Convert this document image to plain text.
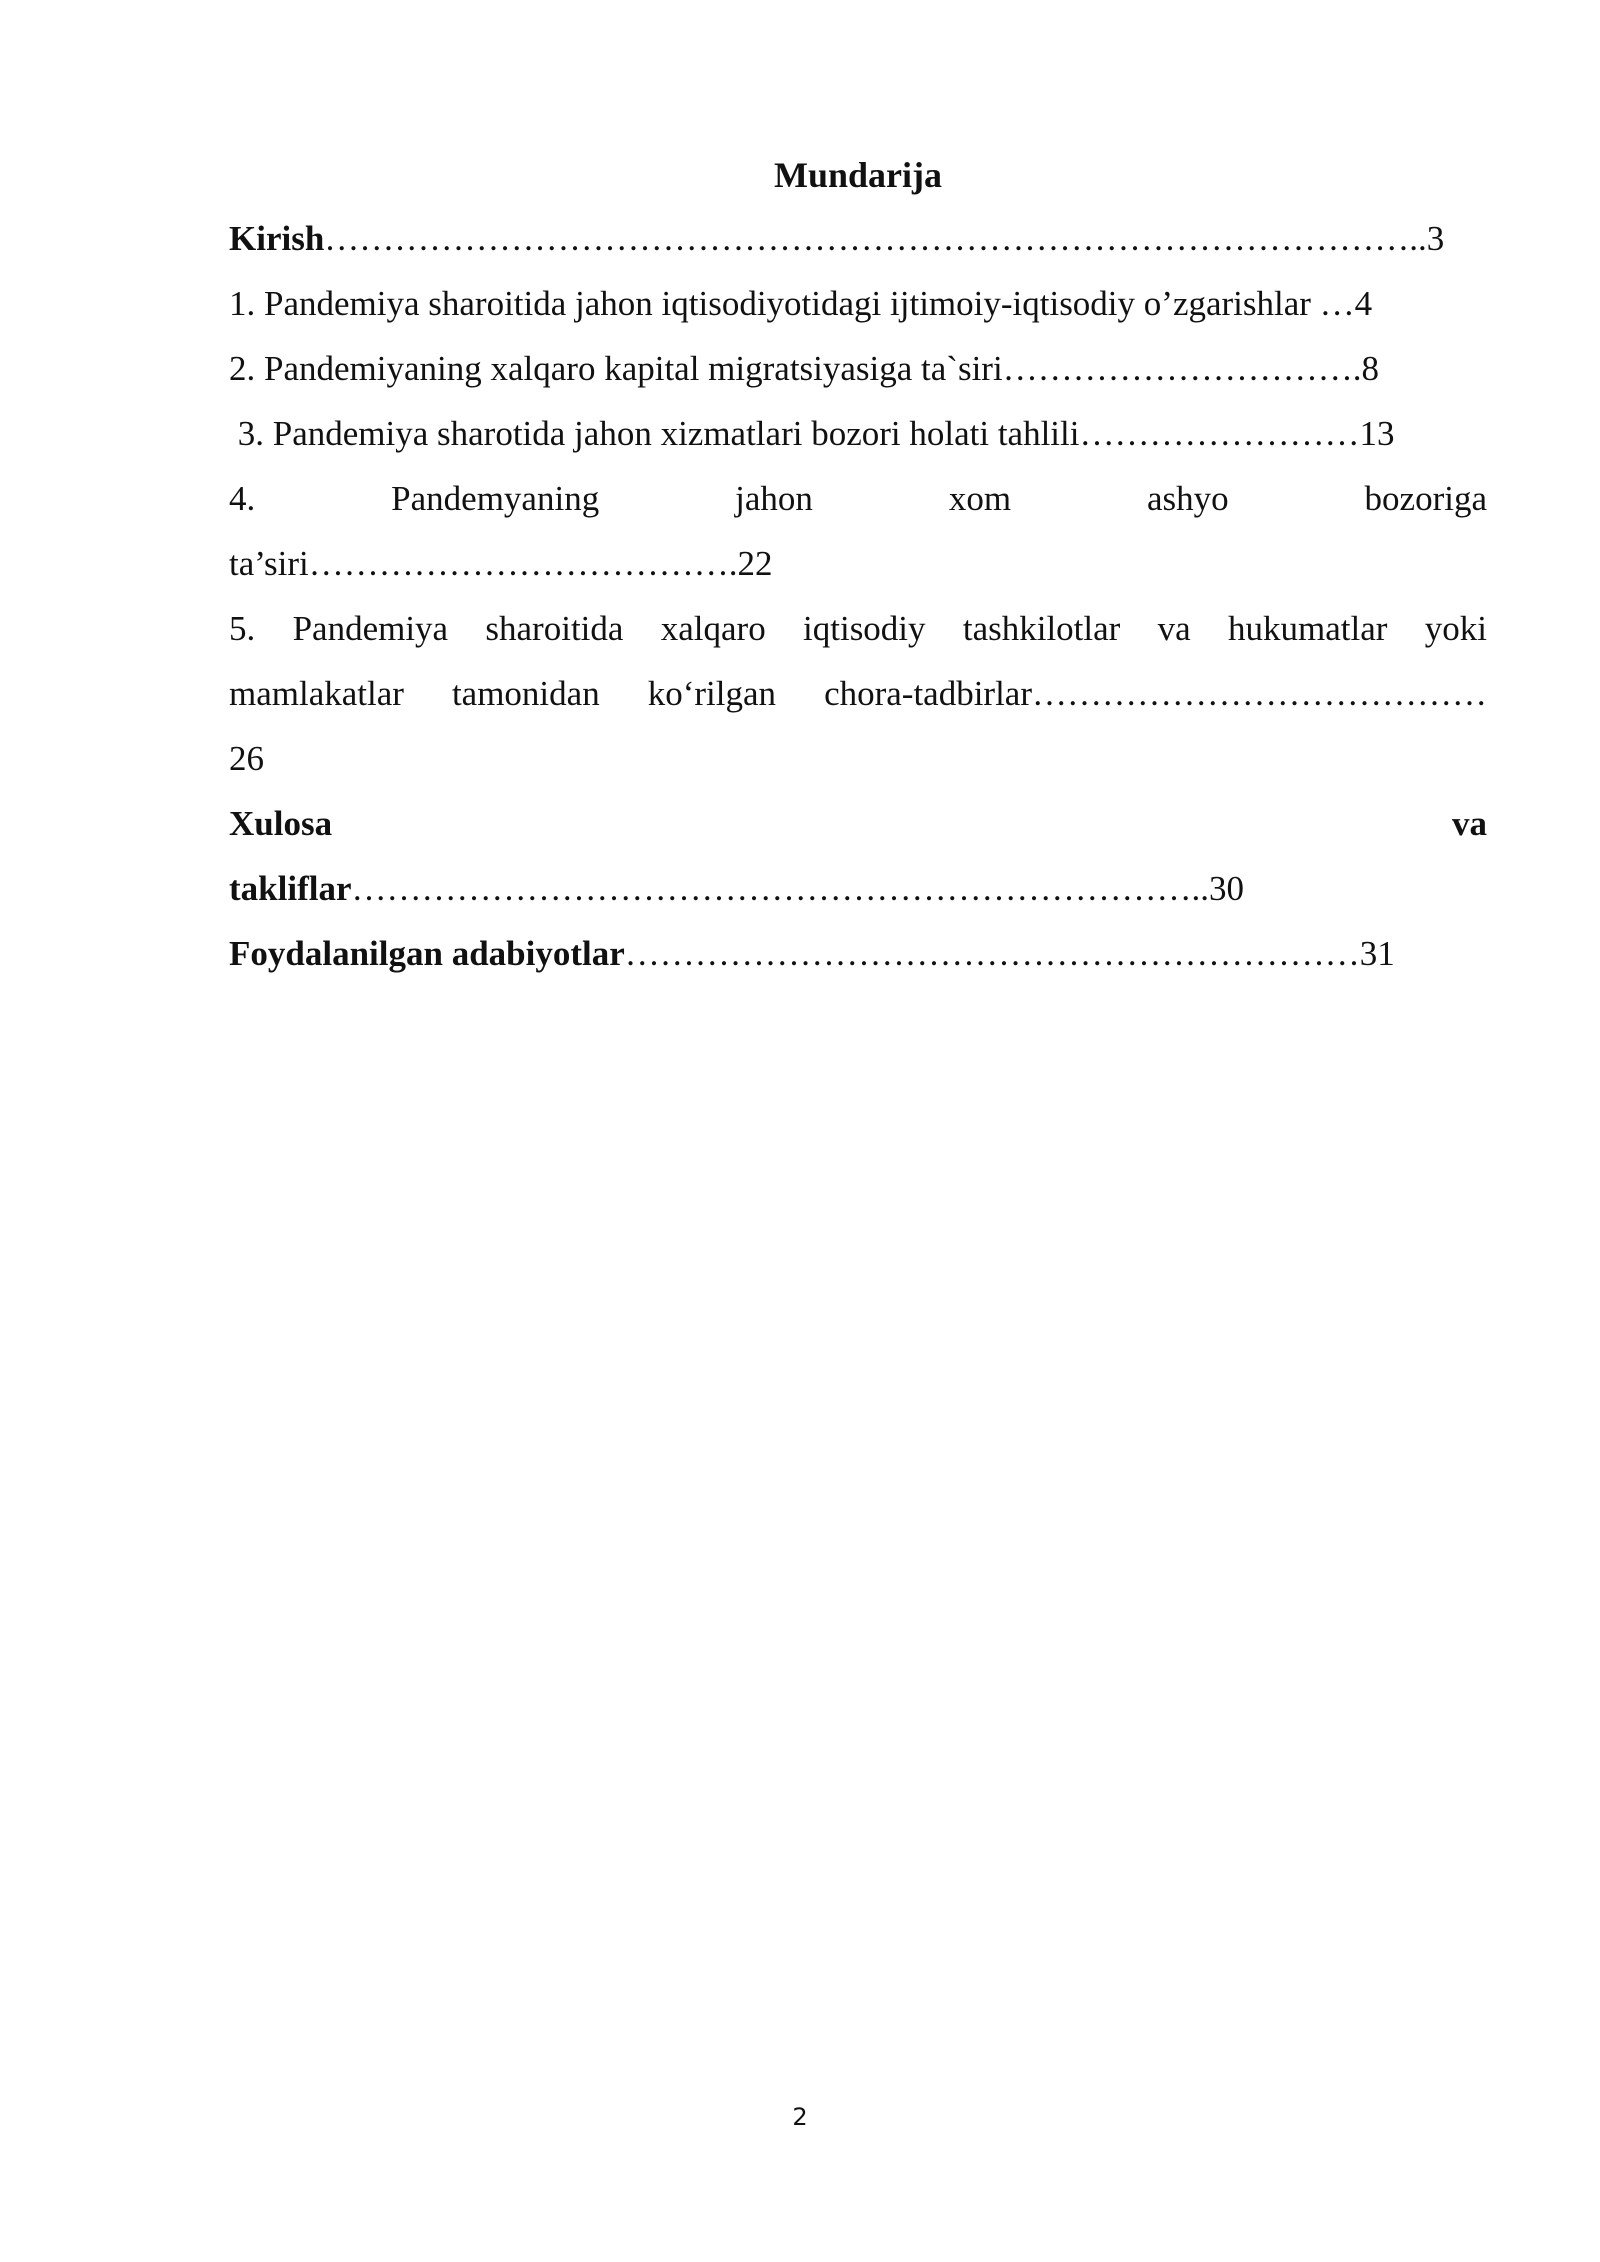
Mundarija
Kirish…………………………………………………………………………………..3
1. Pandemiya sharoitida jahon iqtisodiyotidagi ijtimoiy-iqtisodiy o’zgarishlar …4
2. Pandemiyaning xalqaro kapital migratsiyasiga ta`siri………………………….8
3. Pandemiya sharotida jahon xizmatlari bozori holati tahlili……………………13
4.	Pandemyaning	jahon	xom	ashyo	bozoriga
ta’siri……………………………….22
5. Pandemiya sharoitida xalqaro iqtisodiy tashkilotlar va hukumatlar yoki
mamlakatlar tamonidan ko‘rilgan chora-tadbirlar…………………………………
26
Xulosa	va
takliflar………………………………………………………………..30
Foydalanilgan adabiyotlar………………………………………………………31
2
